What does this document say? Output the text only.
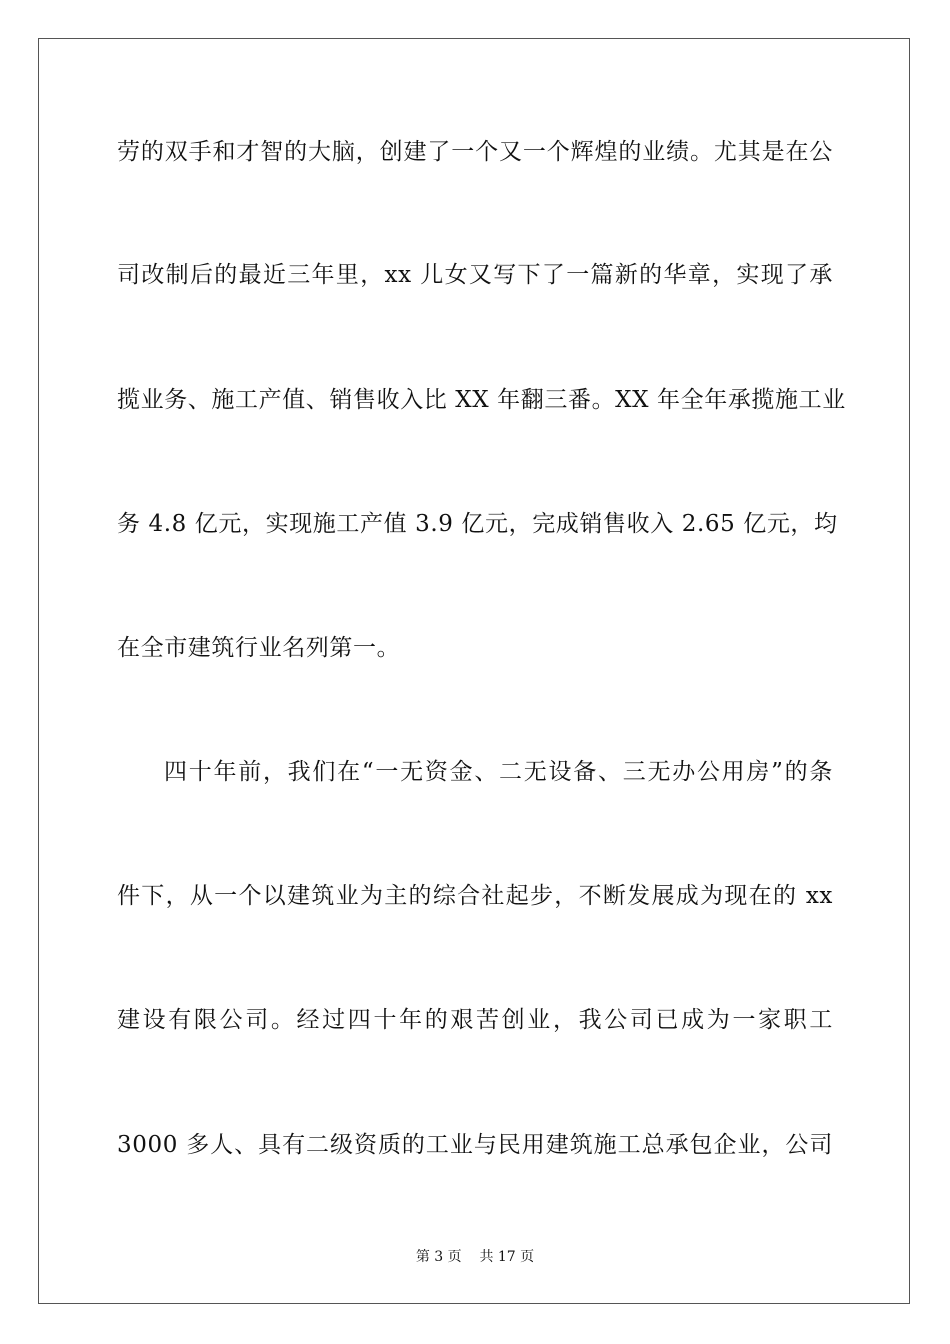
劳的双手和才智的大脑，创建了一个又一个辉煌的业绩。尤其是在公
司改制后的最近三年里，xx 儿女又写下了一篇新的华章，实现了承
揽业务、施工产值、销售收入比 XX 年翻三番。XX 年全年承揽施工业
务 4.8 亿元，实现施工产值 3.9 亿元，完成销售收入 2.65 亿元，均
在全市建筑行业名列第一。
四十年前，我们在“一无资金、二无设备、三无办公用房”的条
件下，从一个以建筑业为主的综合社起步，不断发展成为现在的 xx
建设有限公司。经过四十年的艰苦创业，我公司已成为一家职工
3000 多人、具有二级资质的工业与民用建筑施工总承包企业，公司
第 3 页 共 17 页
